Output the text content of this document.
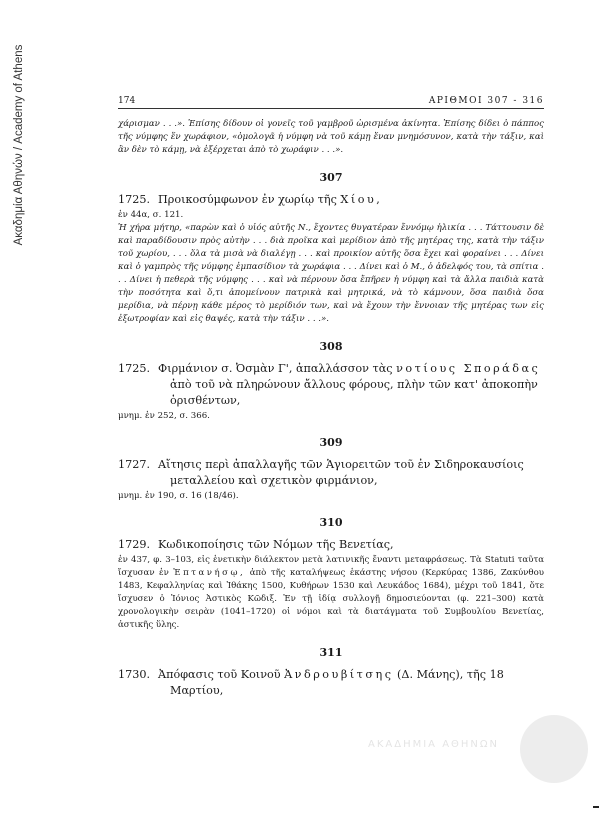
Ακαδημία Αθηνών / Academy of Athens	174	ΑΡΙΘΜΟΙ 307 - 316

χάρισμαν . . .». Ἐπίσης δίδουν οἱ γονεῖς τοῦ γαμβροῦ ὡρισμένα ἀκίνητα. Ἐπίσης δίδει ὁ πάππος τῆς νύμφης ἕν χωράφιον, «ὁμολογᾶ ἡ νύμφη νὰ τοῦ κάμῃ ἕναν μνημόσυνον, κατὰ τὴν τάξιν, καὶ ἂν δὲν τὸ κάμῃ, νὰ ἐξέρχεται ἀπὸ τὸ χωράφιν . . .».

307

1725. Προικοσύμφωνον ἐν χωρίῳ τῆς Χίου,

ἐν 44α, σ. 121.

Ἡ χήρα μήτηρ, «παρὼν καὶ ὁ υἱός αὐτῆς Ν., ἔχοντες θυγατέραν ἔννόμῳ ἡλικία . . . Τάττουσιν δὲ καὶ παραδίδουσιν πρὸς αὐτὴν . . . διὰ προῖκα καὶ μερίδιον ἀπὸ τῆς μητέρας της, κατὰ τὴν τάξιν τοῦ χωρίου, . . . ὅλα τὰ μισὰ νὰ διαλέγῃ . . . καὶ προικίον αὐτῆς ὅσα ἔχει καὶ φοραίνει . . . Δίνει καὶ ὁ γαμπρὸς τῆς νύμφης ἐμπασίδιον τὰ χωράφια . . . Δίνει καὶ ὁ Μ., ὁ ἀδελφός του, τὰ σπίτια . . . Δίνει ἡ πεθερὰ τῆς νύμφης . . . καὶ νὰ πέρνουν ὅσα ἔπῆρεν ἡ νύμφη καὶ τὰ ἄλλα παιδιὰ κατὰ τὴν ποσότητα καὶ ὅ,τι ἀπομείνουν πατρικὰ καὶ μητρικά, νὰ τὸ κάμνουν, ὅσα παιδιὰ ὅσα μερίδια, νὰ πέρνῃ κάθε μέρος τὸ μερίδιόν των, καὶ νὰ ἔχουν τὴν ἔννοιαν τῆς μητέρας των εἰς ἐξωτροφίαν καὶ εἰς θαψές, κατὰ τὴν τάξιν . . .».

308

1725. Φιρμάνιον σ. Ὀσμὰν Γ', ἀπαλλάσσον τὰς νοτίους Σποράδας ἀπὸ τοῦ νὰ πληρώνουν ἄλλους φόρους, πλὴν τῶν κατ' ἀποκοπὴν ὁρισθέντων,

μνημ. ἐν 252, σ. 366.

309

1727. Αἴτησις περὶ ἀπαλλαγῆς τῶν Ἁγιορειτῶν τοῦ ἐν Σιδηροκαυσίοις μεταλλείου καὶ σχετικὸν φιρμάνιον,

μνημ. ἐν 190, σ. 16 (18/46).

310

1729. Κωδικοποίησις τῶν Νόμων τῆς Βενετίας,

ἐν 437, φ. 3–103, εἰς ἑνετικὴν διάλεκτον μετὰ λατινικῆς ἔναντι μεταφράσεως. Τὰ Statuti ταῦτα ἴσχυσαν ἐν Ἑπτανήσῳ, ἀπὸ τῆς καταλήψεως ἑκάστης νήσου (Κερκύρας 1386, Ζακύνθου 1483, Κεφαλληνίας καὶ Ἰθάκης 1500, Κυθήρων 1530 καὶ Λευκάδος 1684), μέχρι τοῦ 1841, ὅτε ἴσχυσεν ὁ Ἰόνιος Ἀστικὸς Κῶδιξ. Ἐν τῇ ἰδίᾳ συλλογῇ δημοσιεύονται (φ. 221–300) κατὰ χρονολογικὴν σειρὰν (1041–1720) οἱ νόμοι καὶ τὰ διατάγματα τοῦ Συμβουλίου Βενετίας, ἀστικῆς ὕλης.

311

1730. Ἀπόφασις τοῦ Κοινοῦ Ἀνδρουβίτσης (Δ. Μάνης), τῆς 18 Μαρτίου,

ΑΚΑΔΗΜΙΑ ΑΘΗΝΩΝ
